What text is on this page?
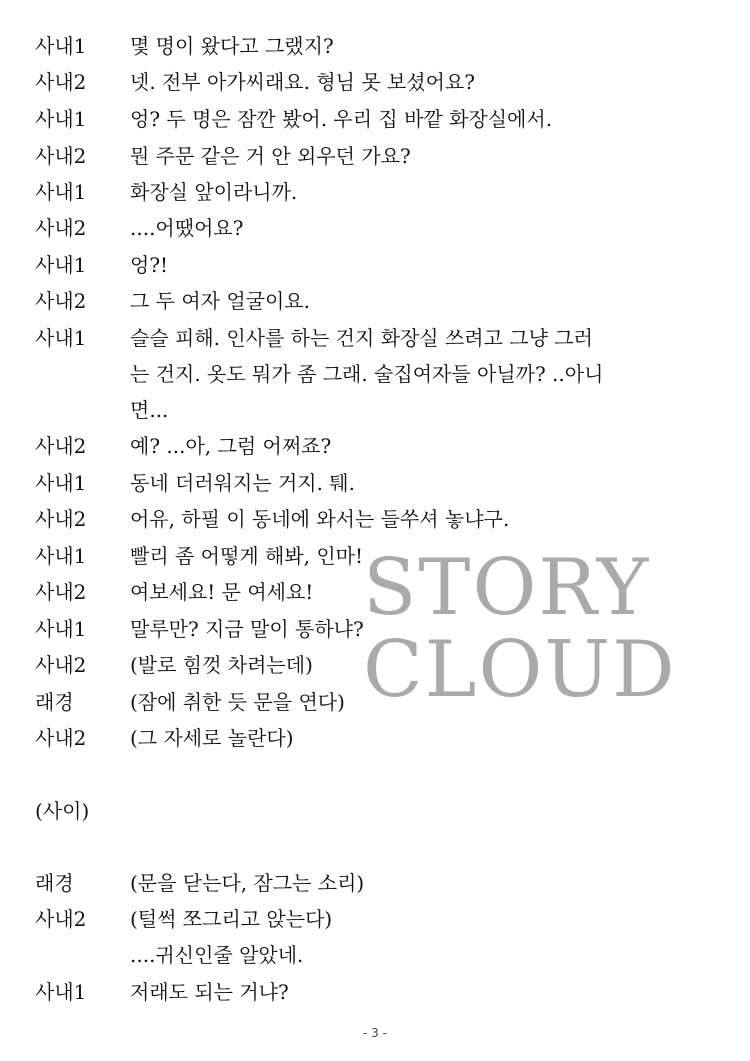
사내1 몇 명이 왔다고 그랬지?
사내2 넷. 전부 아가씨래요. 형님 못 보셨어요?
사내1 엉? 두 명은 잠깐 봤어. 우리 집 바깥 화장실에서.
사내2 뭔 주문 같은 거 안 외우던 가요?
사내1 화장실 앞이라니까.
사내2 ....어땠어요?
사내1 엉?!
사내2 그 두 여자 얼굴이요.
사내1 슬슬 피해. 인사를 하는 건지 화장실 쓰려고 그냥 그러
는 건지. 옷도 뭐가 좀 그래. 술집여자들 아닐까? ..아니
면...
사내2 예? ...아, 그럼 어쩌죠?
사내1 동네 더러워지는 거지. 퉤.
사내2 어유, 하필 이 동네에 와서는 들쑤셔 놓냐구.
사내1 빨리 좀 어떻게 해봐, 인마!
사내2 여보세요! 문 여세요!
사내1 말루만? 지금 말이 통하냐?
사내2 (발로 힘껏 차려는데)
래경	(잠에 취한 듯 문을 연다)
사내2 (그 자세로 놀란다)
(사이)
래경	(문을 닫는다, 잠그는 소리)
사내2 (털썩 쪼그리고 앉는다)
....귀신인줄 알았네.
사내1 저래도 되는 거냐?
STORY
CLOUD
- 3 -
